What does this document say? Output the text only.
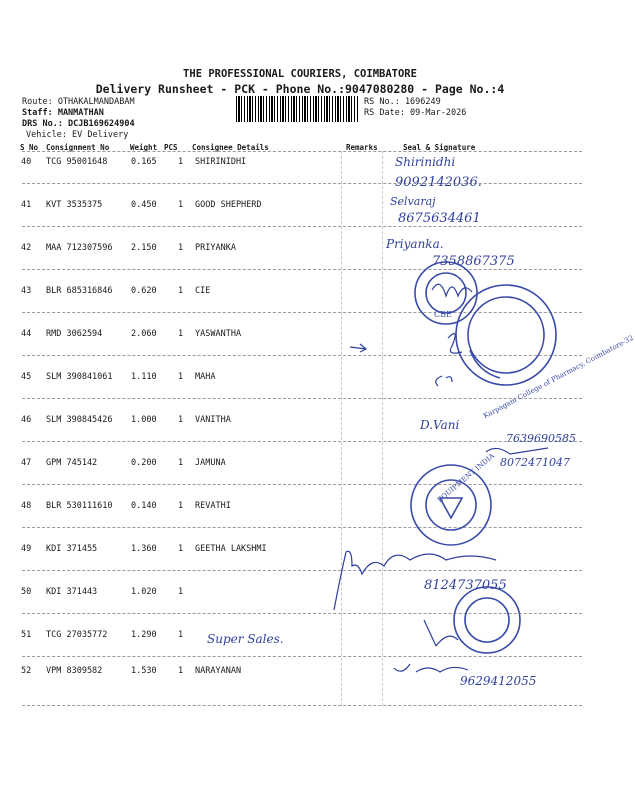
THE PROFESSIONAL COURIERS, COIMBATORE
Delivery Runsheet - PCK - Phone No.:9047080280 - Page No.:4
Route: OTHAKALMANDABAM
Staff: MANMATHAN
DRS No.: DCJB169624904
Vehicle: EV Delivery
RS No.: 1696249
RS Date: 09-Mar-2026
S No Consignment No	Weight PCS Consignee Details	Remarks	Seal & Signature
40 TCG 95001648	0.165	1 SHIRINIDHI
41 KVT 3535375	0.450	1 GOOD SHEPHERD
42 MAA 712307596 2.150	1 PRIYANKA
43 BLR 685316846 0.620	1 CIE
44 RMD 3062594	2.060	1 YASWANTHA
45 SLM 390841061 1.110	1 MAHA
46 SLM 390845426 1.000	1 VANITHA
47 GPM 745142	0.200	1 JAMUNA
48 BLR 530111610 0.140	1 REVATHI
49 KDI 371455	1.360	1 GEETHA LAKSHMI
50 KDI 371443	1.020	1
51 TCG 27035772	1.290	1
52 VPM 8309582	1.530	1 NARAYANAN
Karpagam College of Pharmacy, Coimbatore-32
CBE
EQUIPMENT INDIA
Shirinidhi
9092142036.
Selvaraj
8675634461
Priyanka.
7358867375
D.Vani
7639690585
8072471047
8124737055
Super Sales.
9629412055
